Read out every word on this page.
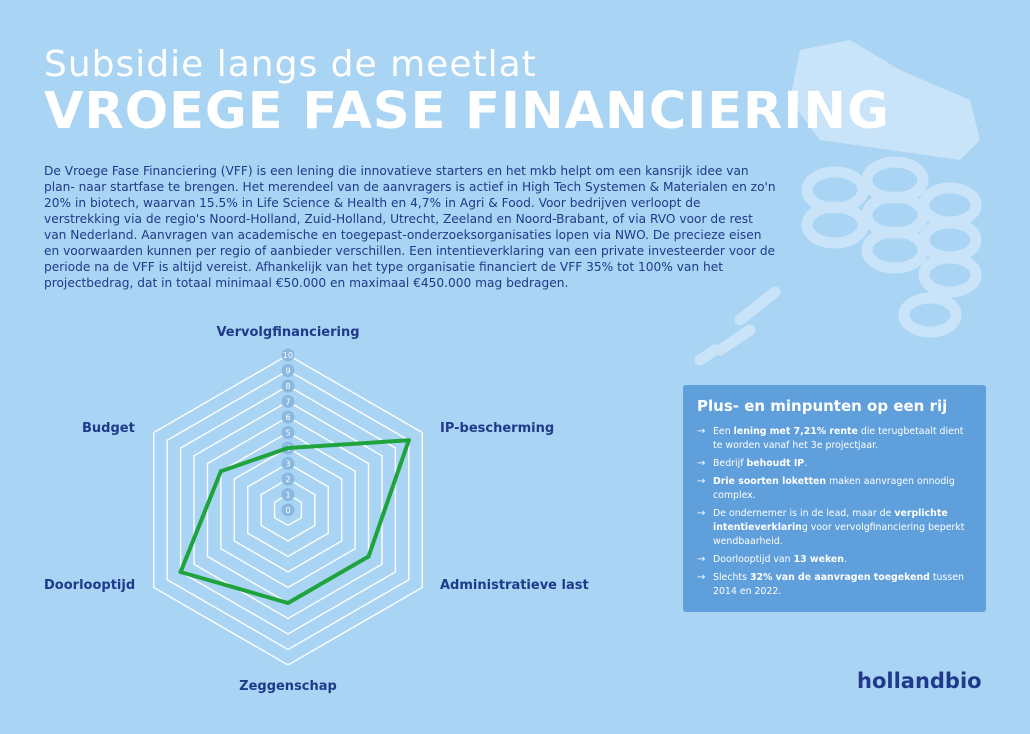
Subsidie langs de meetlat
VROEGE FASE FINANCIERING

De Vroege Fase Financiering (VFF) is een lening die innovatieve starters en het mkb helpt om een kansrijk idee van plan- naar startfase te brengen. Het merendeel van de aanvragers is actief in High Tech Systemen & Materialen en zo'n 20% in biotech, waarvan 15.5% in Life Science & Health en 4,7% in Agri & Food. Voor bedrijven verloopt de verstrekking via de regio's Noord-Holland, Zuid-Holland, Utrecht, Zeeland en Noord-Brabant, of via RVO voor de rest van Nederland. Aanvragen van academische en toegepast-onderzoeksorganisaties lopen via NWO. De precieze eisen en voorwaarden kunnen per regio of aanbieder verschillen. Een intentieverklaring van een private investeerder voor de periode na de VFF is altijd vereist. Afhankelijk van het type organisatie financiert de VFF 35% tot 100% van het projectbedrag, dat in totaal minimaal €50.000 en maximaal €450.000 mag bedragen.

0
1
2
3
5
6
7
8
9
10
Vervolgfinanciering
IP-bescherming
Administratieve last
Zeggenschap
Doorlooptijd
Budget
Plus- en minpunten op een rij
→ Een lening met 7,21% rente die terugbetaalt dient te worden vanaf het 3e projectjaar.
→ Bedrijf behoudt IP.
→ Drie soorten loketten maken aanvragen onnodig complex.
→ De ondernemer is in de lead, maar de verplichte intentieverklaring voor vervolgfinanciering beperkt wendbaarheid.
→ Doorlooptijd van 13 weken.
→ Slechts 32% van de aanvragen toegekend tussen 2014 en 2022.
hollandbio
